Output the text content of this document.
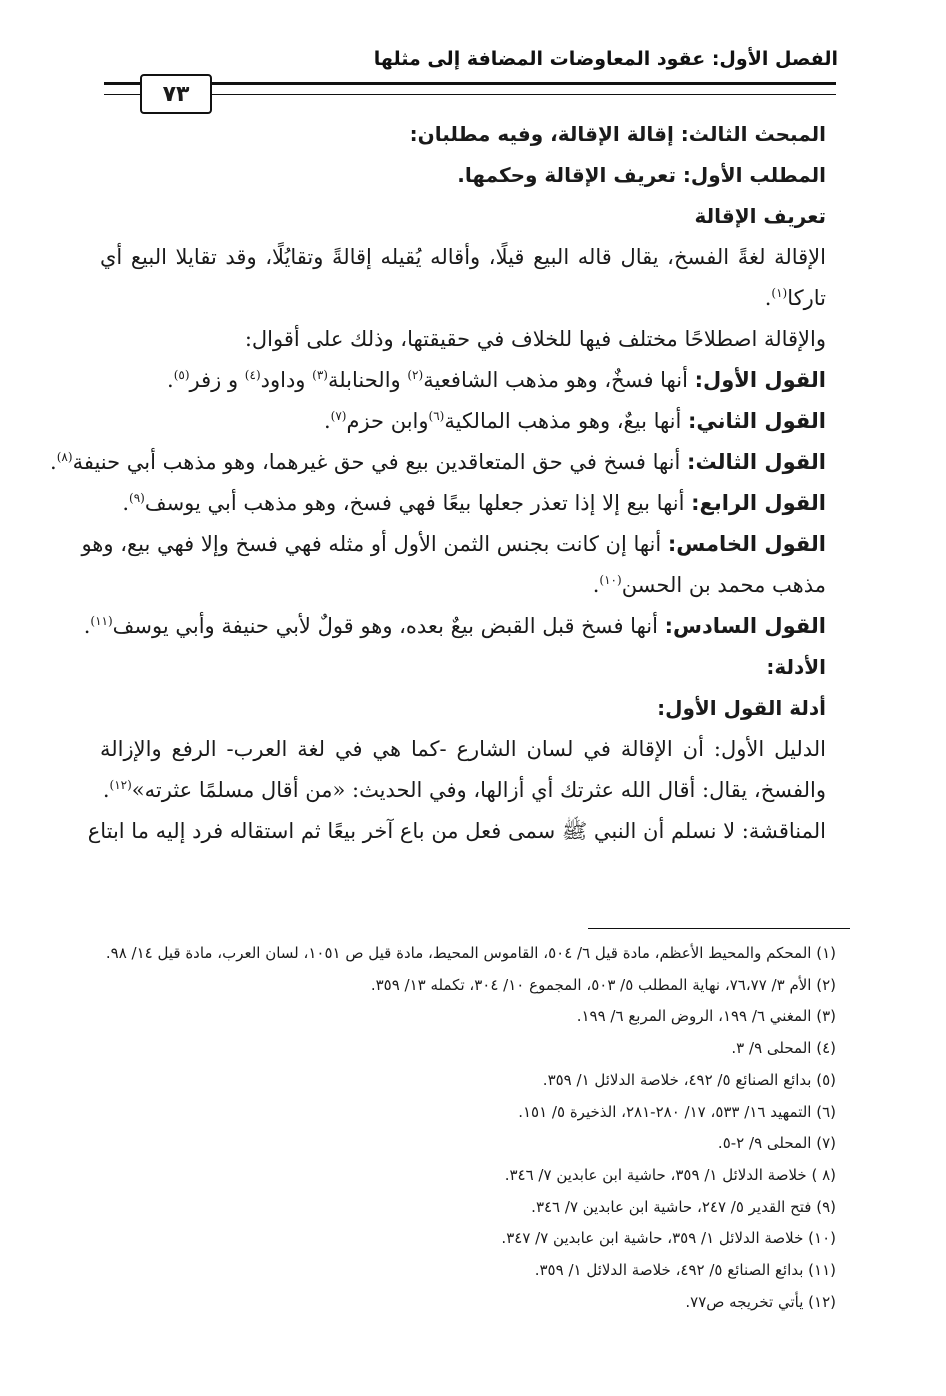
الفصل الأول: عقود المعاوضات المضافة إلى مثلها
٧٣
المبحث الثالث: إقالة الإقالة، وفيه مطلبان:
المطلب الأول: تعريف الإقالة وحكمها.
تعريف الإقالة
الإقالة لغةً الفسخ، يقال قاله البيع قيلًا، وأقاله يُقيله إقالةً وتقايُلًا، وقد تقايلا البيع أي
تاركا$^{(١)}$.
والإقالة اصطلاحًا مختلف فيها للخلاف في حقيقتها، وذلك على أقوال:
القول الأول: أنها فسخٌ، وهو مذهب الشافعية$^{(٢)}$ والحنابلة$^{(٣)}$ وداود$^{(٤)}$ و زفر$^{(٥)}$.
القول الثاني: أنها بيعٌ، وهو مذهب المالكية$^{(٦)}$وابن حزم$^{(٧)}$.
القول الثالث: أنها فسخ في حق المتعاقدين بيع في حق غيرهما، وهو مذهب أبي حنيفة$^{(٨)}$.
القول الرابع: أنها بيع إلا إذا تعذر جعلها بيعًا فهي فسخ، وهو مذهب أبي يوسف$^{(٩)}$.
القول الخامس: أنها إن كانت بجنس الثمن الأول أو مثله فهي فسخ وإلا فهي بيع، وهو
مذهب محمد بن الحسن$^{(١٠)}$.
القول السادس: أنها فسخ قبل القبض بيعٌ بعده، وهو قولٌ لأبي حنيفة وأبي يوسف$^{(١١)}$.
الأدلة:
أدلة القول الأول:
الدليل الأول: أن الإقالة في لسان الشارع -كما هي في لغة العرب- الرفع والإزالة
والفسخ، يقال: أقال الله عثرتك أي أزالها، وفي الحديث: «من أقال مسلمًا عثرته»$^{(١٢)}$.
المناقشة: لا نسلم أن النبي ﷺ سمى فعل من باع آخر بيعًا ثم استقاله فرد إليه ما ابتاع
(١) المحكم والمحيط الأعظم، مادة قيل ٦/ ٥٠٤، القاموس المحيط، مادة قيل ص ١٠٥١، لسان العرب، مادة قيل ١٤/ ٩٨.
(٢) الأم ٣/ ٧٦،٧٧، نهاية المطلب ٥/ ٥٠٣، المجموع ١٠/ ٣٠٤، تكمله ١٣/ ٣٥٩.
(٣) المغني ٦/ ١٩٩، الروض المربع ٦/ ١٩٩.
(٤) المحلى ٩/ ٣.
(٥) بدائع الصنائع ٥/ ٤٩٢، خلاصة الدلائل ١/ ٣٥٩.
(٦) التمهيد ١٦/ ٥٣٣، ١٧/ ٢٨٠-٢٨١، الذخيرة ٥/ ١٥١.
(٧) المحلى ٩/ ٢-٥.
(٨ ) خلاصة الدلائل ١/ ٣٥٩، حاشية ابن عابدين ٧/ ٣٤٦.
(٩) فتح القدير ٥/ ٢٤٧، حاشية ابن عابدين ٧/ ٣٤٦.
(١٠) خلاصة الدلائل ١/ ٣٥٩، حاشية ابن عابدين ٧/ ٣٤٧.
(١١) بدائع الصنائع ٥/ ٤٩٢، خلاصة الدلائل ١/ ٣٥٩.
(١٢) يأتي تخريجه ص٧٧.
